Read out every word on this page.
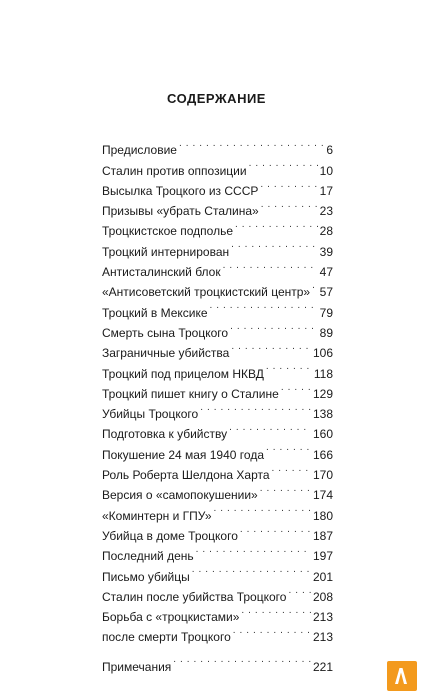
СОДЕРЖАНИЕ
Предисловие . . .	6
Сталин против оппозиции . . .	10
Высылка Троцкого из СССР . . .	17
Призывы «убрать Сталина» . . .	23
Троцкистское подполье . . .	28
Троцкий интернирован . . .	39
Антисталинский блок . . .	47
«Антисоветский троцкистский центр» . . . 57
Троцкий в Мексике . . .	79
Смерть сына Троцкого . . .	89
Заграничные убийства . . .	106
Троцкий под прицелом НКВД . . .	118
Троцкий пишет книгу о Сталине . . .	129
Убийцы Троцкого . . .	138
Подготовка к убийству . . .	160
Покушение 24 мая 1940 года . . .	166
Роль Роберта Шелдона Харта . . .	170
Версия о «самопокушении» . . .	174
«Коминтерн и ГПУ» . . .	180
Убийца в доме Троцкого . . .	187
Последний день . . .	197
Письмо убийцы . . .	201
Сталин после убийства Троцкого . . . 208
Борьба с «троцкистами» . . .	213
после смерти Троцкого . . .	213
Примечания . . .	221
